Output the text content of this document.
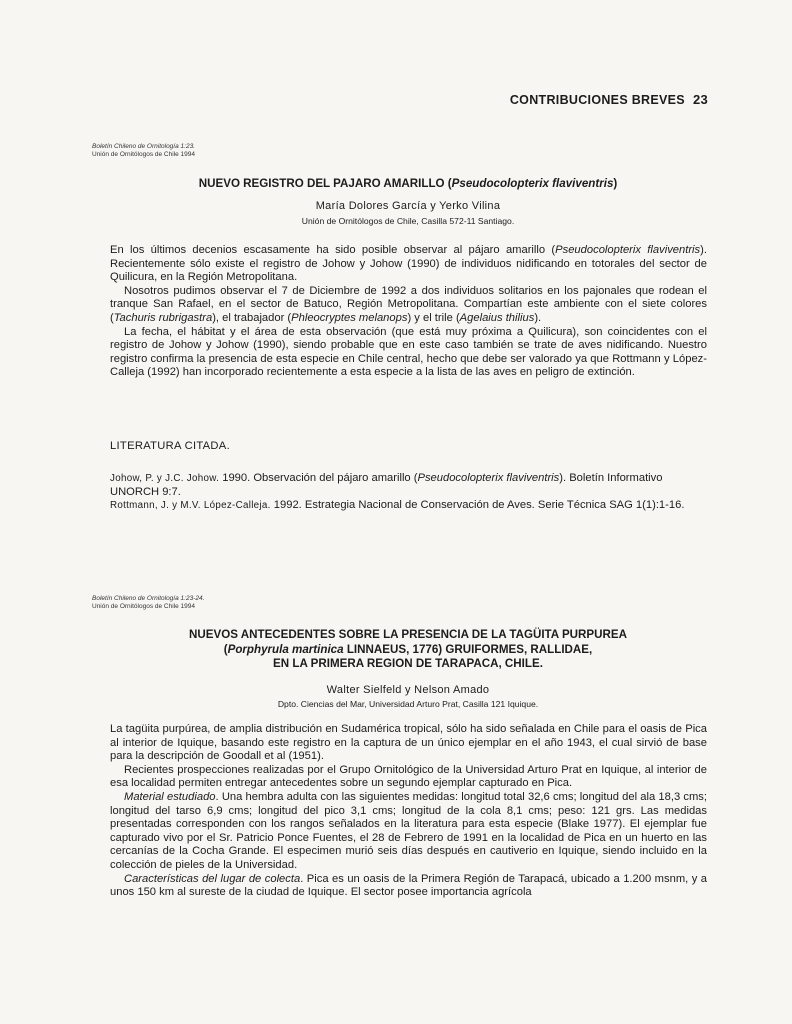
CONTRIBUCIONES BREVES 23
Boletín Chileno de Ornitología 1:23.
Unión de Ornitólogos de Chile 1994
NUEVO REGISTRO DEL PAJARO AMARILLO (Pseudocolopterix flaviventris)
María Dolores García y Yerko Vilina
Unión de Ornitólogos de Chile, Casilla 572-11 Santiago.

En los últimos decenios escasamente ha sido posible observar al pájaro amarillo (Pseudocolopterix flaviventris). Recientemente sólo existe el registro de Johow y Johow (1990) de individuos nidificando en totorales del sector de Quilicura, en la Región Metropolitana.

Nosotros pudimos observar el 7 de Diciembre de 1992 a dos individuos solitarios en los pajonales que rodean el tranque San Rafael, en el sector de Batuco, Región Metropolitana. Compartían este ambiente con el siete colores (Tachuris rubrigastra), el trabajador (Phleocryptes melanops) y el trile (Agelaius thilius).

La fecha, el hábitat y el área de esta observación (que está muy próxima a Quilicura), son coincidentes con el registro de Johow y Johow (1990), siendo probable que en este caso también se trate de aves nidificando. Nuestro registro confirma la presencia de esta especie en Chile central, hecho que debe ser valorado ya que Rottmann y López-Calleja (1992) han incorporado recientemente a esta especie a la lista de las aves en peligro de extinción.

LITERATURA CITADA.

Johow, P. y J.C. Johow. 1990. Observación del pájaro amarillo (Pseudocolopterix flaviventris). Boletín Informativo UNORCH 9:7.

Rottmann, J. y M.V. López-Calleja. 1992. Estrategia Nacional de Conservación de Aves. Serie Técnica SAG 1(1):1-16.

Boletín Chileno de Ornitología 1:23-24.
Unión de Ornitólogos de Chile 1994
NUEVOS ANTECEDENTES SOBRE LA PRESENCIA DE LA TAGÜITA PURPUREA
(Porphyrula martinica LINNAEUS, 1776) GRUIFORMES, RALLIDAE,
EN LA PRIMERA REGION DE TARAPACA, CHILE.
Walter Sielfeld y Nelson Amado
Dpto. Ciencias del Mar, Universidad Arturo Prat, Casilla 121 Iquique.

La tagüita purpúrea, de amplia distribución en Sudamérica tropical, sólo ha sido señalada en Chile para el oasis de Pica al interior de Iquique, basando este registro en la captura de un único ejemplar en el año 1943, el cual sirvió de base para la descripción de Goodall et al (1951).

Recientes prospecciones realizadas por el Grupo Ornitológico de la Universidad Arturo Prat en Iquique, al interior de esa localidad permiten entregar antecedentes sobre un segundo ejemplar capturado en Pica.

Material estudiado. Una hembra adulta con las siguientes medidas: longitud total 32,6 cms; longitud del ala 18,3 cms; longitud del tarso 6,9 cms; longitud del pico 3,1 cms; longitud de la cola 8,1 cms; peso: 121 grs. Las medidas presentadas corresponden con los rangos señalados en la literatura para esta especie (Blake 1977). El ejemplar fue capturado vivo por el Sr. Patricio Ponce Fuentes, el 28 de Febrero de 1991 en la localidad de Pica en un huerto en las cercanías de la Cocha Grande. El especimen murió seis días después en cautiverio en Iquique, siendo incluido en la colección de pieles de la Universidad.

Características del lugar de colecta. Pica es un oasis de la Primera Región de Tarapacá, ubicado a 1.200 msnm, y a unos 150 km al sureste de la ciudad de Iquique. El sector posee importancia agrícola
